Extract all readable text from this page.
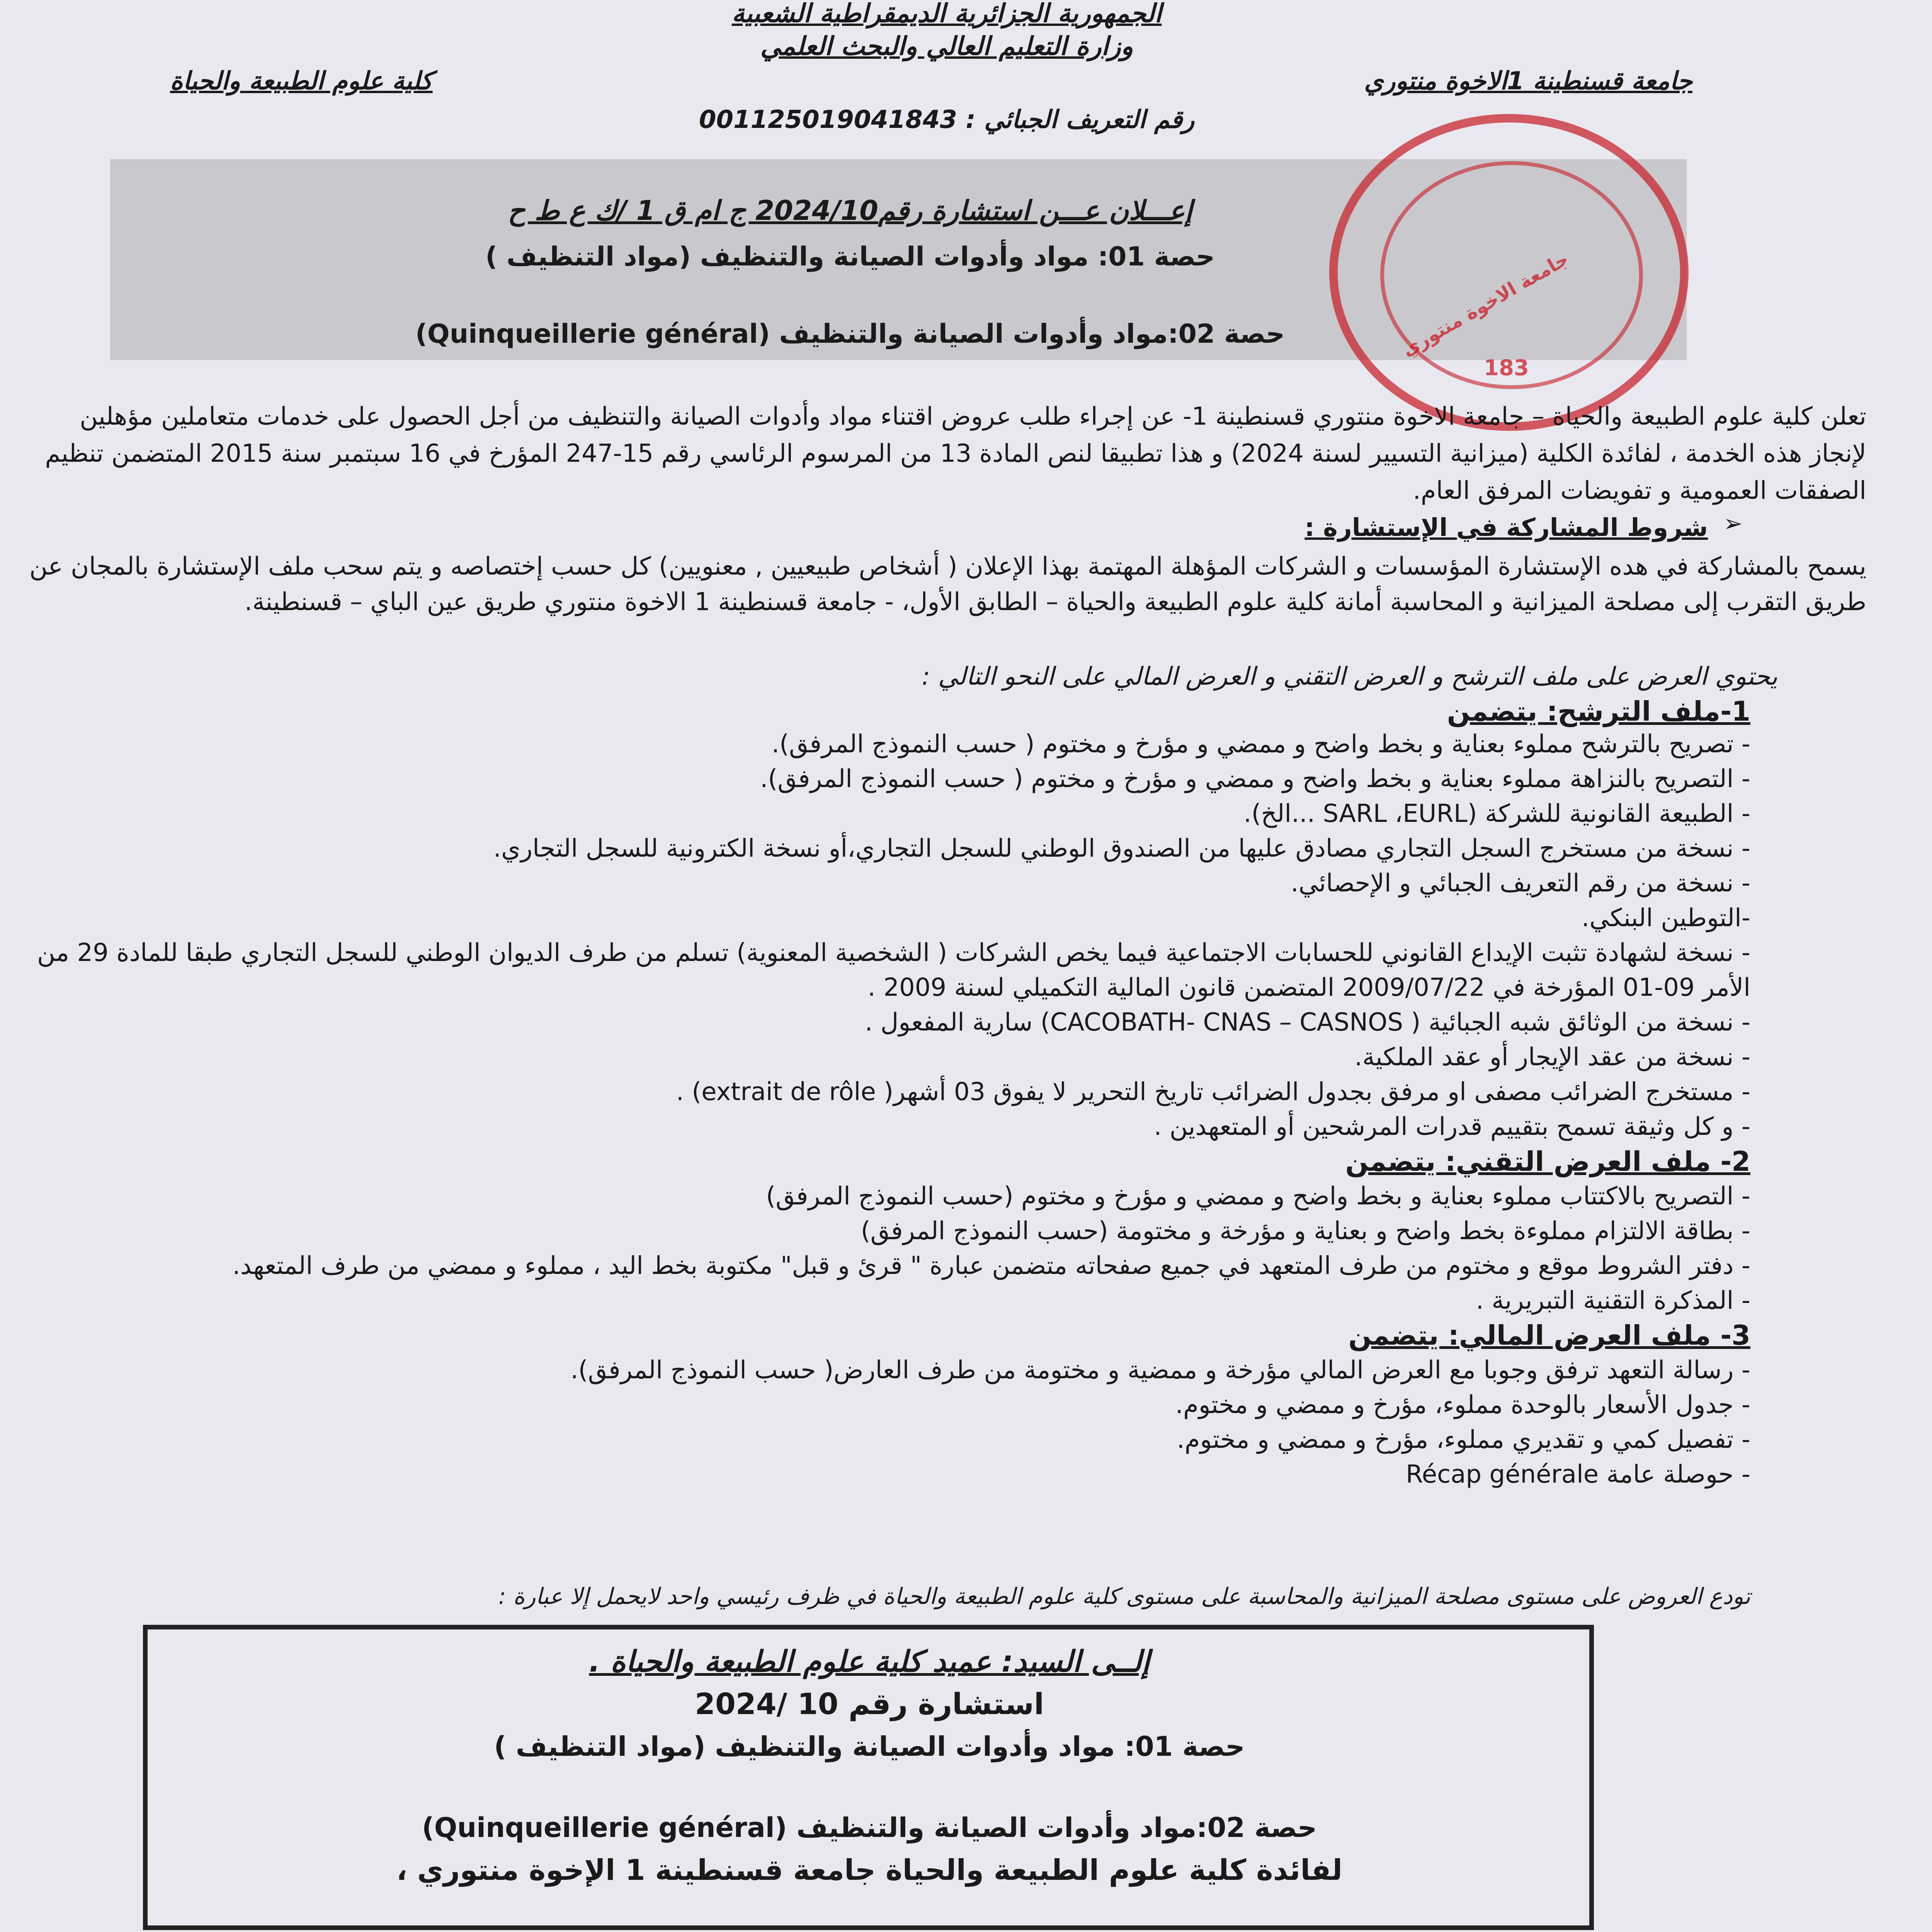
الجمهورية الجزائرية الديمقراطية الشعبية
وزارة التعليم العالي والبحث العلمي
جامعة قسنطينة 1الاخوة منتوري
كلية علوم الطبيعة والحياة
رقم التعريف الجبائي : 001125019041843
إعـــلان عـــن استشارة رقم2024/10 ج ام ق 1 /ك ع ط ح
حصة 01: مواد وأدوات الصيانة والتنظيف (مواد التنظيف )
حصة 02:مواد وأدوات الصيانة والتنظيف (Quinqueillerie général)
183
جامعة الاخوة منتوري

تعلن كلية علوم الطبيعة والحياة – جامعة الاخوة منتوري قسنطينة 1- عن إجراء طلب عروض اقتناء مواد وأدوات الصيانة والتنظيف من أجل الحصول على خدمات متعاملين مؤهلين لإنجاز هذه الخدمة ، لفائدة الكلية (ميزانية التسيير لسنة 2024) و هذا تطبيقا لنص المادة 13 من المرسوم الرئاسي رقم 15-247 المؤرخ في 16 سبتمبر سنة 2015 المتضمن تنظيم الصفقات العمومية و تفويضات المرفق العام.

➢
شروط المشاركة في الإستشارة :

يسمح بالمشاركة في هده الإستشارة المؤسسات و الشركات المؤهلة المهتمة بهذا الإعلان ( أشخاص طبيعيين , معنويين) كل حسب إختصاصه و يتم سحب ملف الإستشارة بالمجان عن طريق التقرب إلى مصلحة الميزانية و المحاسبة أمانة كلية علوم الطبيعة والحياة – الطابق الأول، - جامعة قسنطينة 1 الاخوة منتوري طريق عين الباي – قسنطينة.

يحتوي العرض على ملف الترشح و العرض التقني و العرض المالي على النحو التالي :
1-ملف الترشح: يتضمن
- تصريح بالترشح مملوء بعناية و بخط واضح و ممضي و مؤرخ و مختوم ( حسب النموذج المرفق).
- التصريح بالنزاهة مملوء بعناية و بخط واضح و ممضي و مؤرخ و مختوم ( حسب النموذج المرفق).
- الطبيعة القانونية للشركة (SARL ،EURL ...الخ).
- نسخة من مستخرج السجل التجاري مصادق عليها من الصندوق الوطني للسجل التجاري،أو نسخة الكترونية للسجل التجاري.
- نسخة من رقم التعريف الجبائي و الإحصائي.
-التوطين البنكي.
- نسخة لشهادة تثبت الإيداع القانوني للحسابات الاجتماعية فيما يخص الشركات ( الشخصية المعنوية) تسلم من طرف الديوان الوطني للسجل التجاري طبقا للمادة 29 من
الأمر 09-01 المؤرخة في 2009/07/22 المتضمن قانون المالية التكميلي لسنة 2009 .
- نسخة من الوثائق شبه الجبائية ( CACOBATH- CNAS – CASNOS) سارية المفعول .
- نسخة من عقد الإيجار أو عقد الملكية.
- مستخرج الضرائب مصفى او مرفق بجدول الضرائب تاريخ التحرير لا يفوق 03 أشهر( extrait de rôle) .
- و كل وثيقة تسمح بتقييم قدرات المرشحين أو المتعهدين .
2- ملف العرض التقني: يتضمن
- التصريح بالاكتتاب مملوء بعناية و بخط واضح و ممضي و مؤرخ و مختوم (حسب النموذج المرفق)
- بطاقة الالتزام مملوءة بخط واضح و بعناية و مؤرخة و مختومة (حسب النموذج المرفق)
- دفتر الشروط موقع و مختوم من طرف المتعهد في جميع صفحاته متضمن عبارة " قرئ و قبل" مكتوبة بخط اليد ، مملوء و ممضي من طرف المتعهد.
- المذكرة التقنية التبريرية .
3- ملف العرض المالي: يتضمن
- رسالة التعهد ترفق وجوبا مع العرض المالي مؤرخة و ممضية و مختومة من طرف العارض( حسب النموذج المرفق).
- جدول الأسعار بالوحدة مملوء، مؤرخ و ممضي و مختوم.
- تفصيل كمي و تقديري مملوء، مؤرخ و ممضي و مختوم.
- حوصلة عامة Récap générale
تودع العروض على مستوى مصلحة الميزانية والمحاسبة على مستوى كلية علوم الطبيعة والحياة في ظرف رئيسي واحد لايحمل إلا عبارة :
إلــى السيد: عميد كلية علوم الطبيعة والحياة .
استشارة رقم 10 /2024
حصة 01: مواد وأدوات الصيانة والتنظيف (مواد التنظيف )
حصة 02:مواد وأدوات الصيانة والتنظيف (Quinqueillerie général)
لفائدة كلية علوم الطبيعة والحياة جامعة قسنطينة 1 الإخوة منتوري ،
